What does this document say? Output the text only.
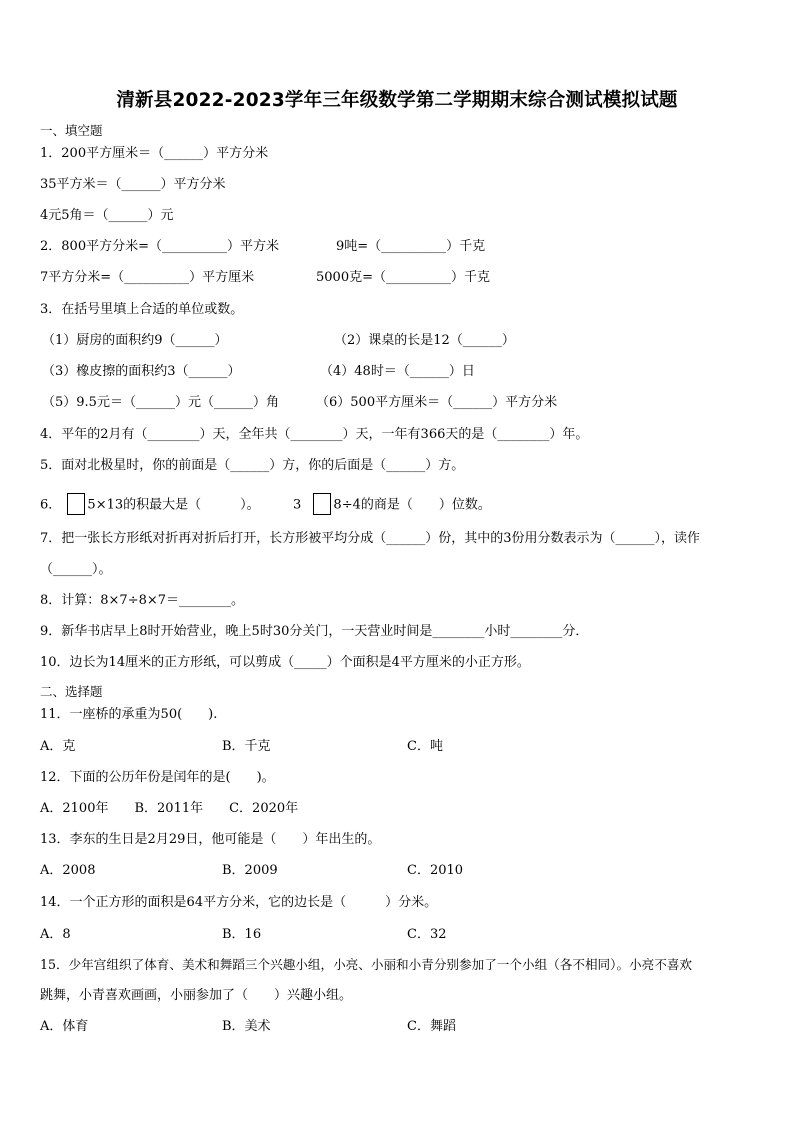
清新县2022-2023学年三年级数学第二学期期末综合测试模拟试题
一、填空题
1．200平方厘米＝（______）平方分米
35平方米＝（______）平方分米
4元5角＝（______）元
2．800平方分米=（__________）平方米	9吨=（__________）千克
7平方分米=（__________）平方厘米	5000克=（__________）千克
3．在括号里填上合适的单位或数。
（1）厨房的面积约9（______）	（2）课桌的长是12（______）
（3）橡皮擦的面积约3（______）	（4）48时＝（______）日
（5）9.5元＝（______）元（______）角	（6）500平方厘米＝（______）平方分米
4．平年的2月有（________）天，全年共（________）天，一年有366天的是（________）年。
5．面对北极星时，你的前面是（______）方，你的后面是（______）方。
6． 5×13的积最大是（　　　）。	3 8÷4的商是（　　）位数。
7．把一张长方形纸对折再对折后打开，长方形被平均分成（______）份，其中的3份用分数表示为（______），读作
（______）。
8．计算：8×7÷8×7＝________。
9．新华书店早上8时开始营业，晚上5时30分关门，一天营业时间是________小时________分．
10．边长为14厘米的正方形纸，可以剪成（_____）个面积是4平方厘米的小正方形。
二、选择题
11．一座桥的承重为50(　　).
A．克	B．千克	C．吨
12．下面的公历年份是闰年的是(　　)。
A．2100年　　B．2011年　　C．2020年
13．李东的生日是2月29日，他可能是（　　）年出生的。
A．2008	B．2009	C．2010
14．一个正方形的面积是64平方分米，它的边长是（　　　）分米。
A．8	B．16	C．32
15．少年宫组织了体育、美术和舞蹈三个兴趣小组，小亮、小丽和小青分别参加了一个小组（各不相同）。小亮不喜欢
跳舞，小青喜欢画画，小丽参加了（　　）兴趣小组。
A．体育	B．美术	C．舞蹈
